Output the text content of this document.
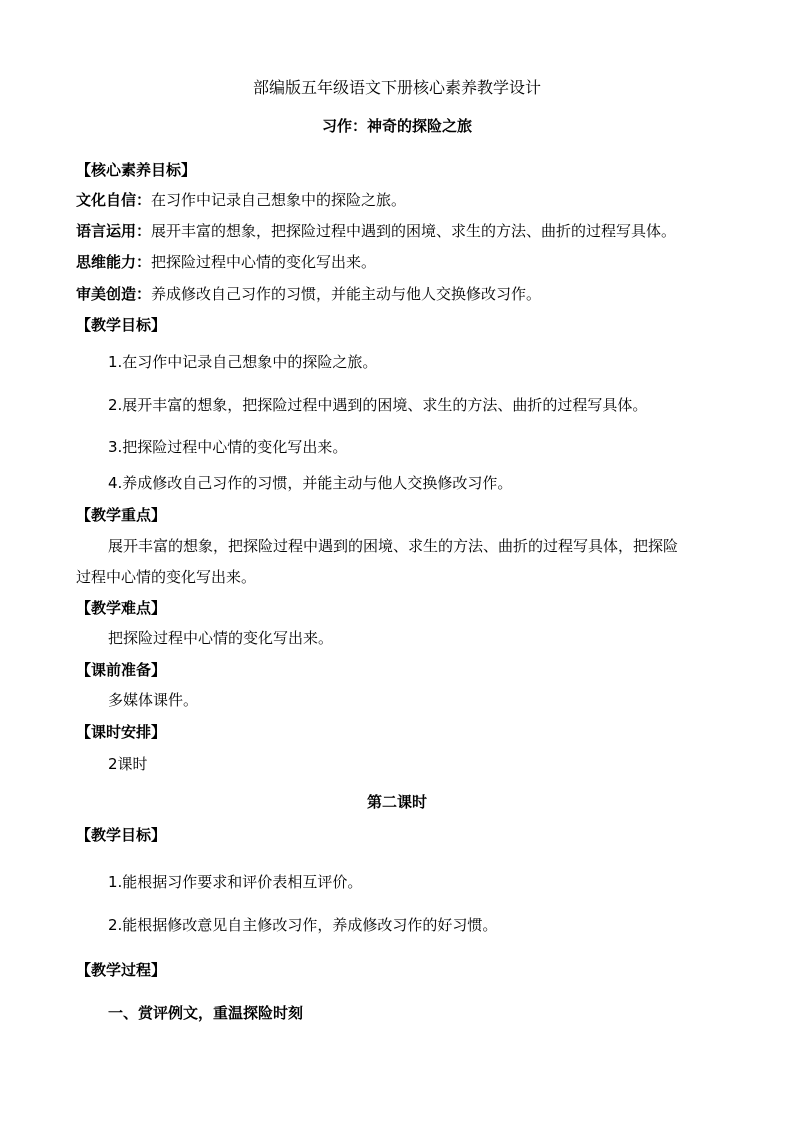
部编版五年级语文下册核心素养教学设计
习作：神奇的探险之旅
【核心素养目标】
文化自信：在习作中记录自己想象中的探险之旅。
语言运用：展开丰富的想象，把探险过程中遇到的困境、求生的方法、曲折的过程写具体。
思维能力：把探险过程中心情的变化写出来。
审美创造：养成修改自己习作的习惯，并能主动与他人交换修改习作。
【教学目标】
1.在习作中记录自己想象中的探险之旅。
2.展开丰富的想象，把探险过程中遇到的困境、求生的方法、曲折的过程写具体。
3.把探险过程中心情的变化写出来。
4.养成修改自己习作的习惯，并能主动与他人交换修改习作。
【教学重点】
展开丰富的想象，把探险过程中遇到的困境、求生的方法、曲折的过程写具体，把探险
过程中心情的变化写出来。
【教学难点】
把探险过程中心情的变化写出来。
【课前准备】
多媒体课件。
【课时安排】
2课时
第二课时
【教学目标】
1.能根据习作要求和评价表相互评价。
2.能根据修改意见自主修改习作，养成修改习作的好习惯。
【教学过程】
一、赏评例文，重温探险时刻
